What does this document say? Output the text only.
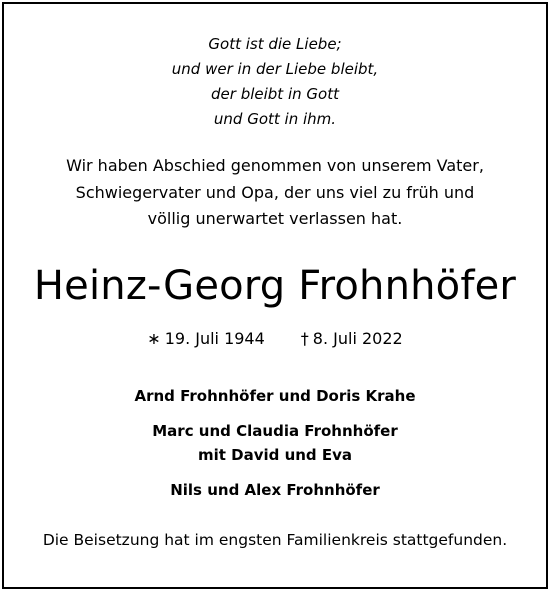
Gott ist die Liebe;
und wer in der Liebe bleibt,
der bleibt in Gott
und Gott in ihm.
Wir haben Abschied genommen von unserem Vater,
Schwiegervater und Opa, der uns viel zu früh und
völlig unerwartet verlassen hat.
Heinz-Georg Frohnhöfer
∗ 19. Juli 1944 † 8. Juli 2022
Arnd Frohnhöfer und Doris Krahe
Marc und Claudia Frohnhöfer
mit David und Eva
Nils und Alex Frohnhöfer
Die Beisetzung hat im engsten Familienkreis stattgefunden.
